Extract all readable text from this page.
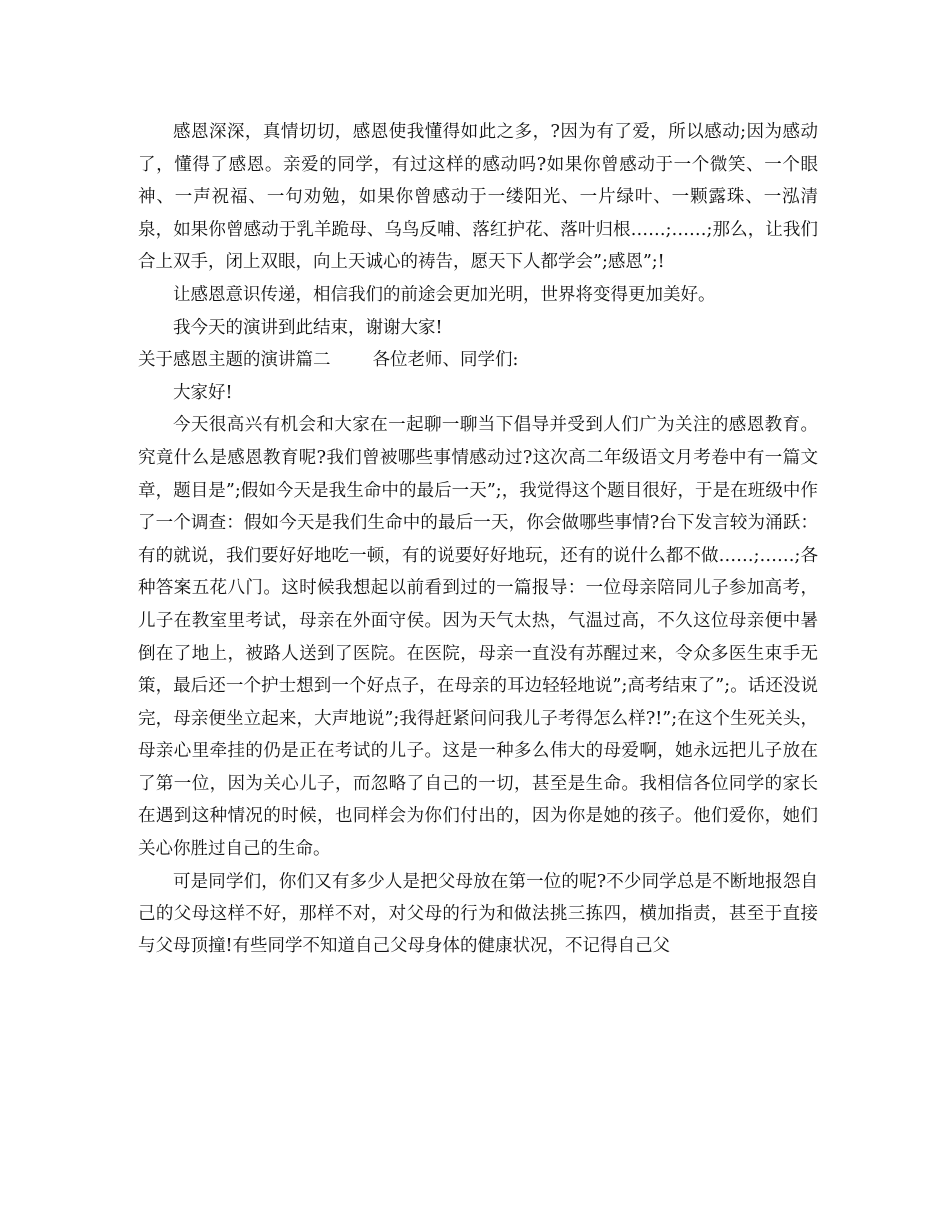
感恩深深，真情切切，感恩使我懂得如此之多，?因为有了爱，所以感动;因为感动了，懂得了感恩。亲爱的同学，有过这样的感动吗?如果你曾感动于一个微笑、一个眼神、一声祝福、一句劝勉，如果你曾感动于一缕阳光、一片绿叶、一颗露珠、一泓清泉，如果你曾感动于乳羊跪母、乌鸟反哺、落红护花、落叶归根……;……;那么，让我们合上双手，闭上双眼，向上天诚心的祷告，愿天下人都学会”;感恩”;!

让感恩意识传递，相信我们的前途会更加光明，世界将变得更加美好。

我今天的演讲到此结束，谢谢大家!

关于感恩主题的演讲篇二 各位老师、同学们:

大家好!

今天很高兴有机会和大家在一起聊一聊当下倡导并受到人们广为关注的感恩教育。究竟什么是感恩教育呢?我们曾被哪些事情感动过?这次高二年级语文月考卷中有一篇文章，题目是”;假如今天是我生命中的最后一天”;，我觉得这个题目很好，于是在班级中作了一个调查：假如今天是我们生命中的最后一天，你会做哪些事情?台下发言较为涌跃：有的就说，我们要好好地吃一顿，有的说要好好地玩，还有的说什么都不做……;……;各种答案五花八门。这时候我想起以前看到过的一篇报导：一位母亲陪同儿子参加高考，儿子在教室里考试，母亲在外面守侯。因为天气太热，气温过高，不久这位母亲便中暑倒在了地上，被路人送到了医院。在医院，母亲一直没有苏醒过来，令众多医生束手无策，最后还一个护士想到一个好点子，在母亲的耳边轻轻地说”;高考结束了”;。话还没说完，母亲便坐立起来，大声地说”;我得赶紧问问我儿子考得怎么样?!”;在这个生死关头，母亲心里牵挂的仍是正在考试的儿子。这是一种多么伟大的母爱啊，她永远把儿子放在了第一位，因为关心儿子，而忽略了自己的一切，甚至是生命。我相信各位同学的家长在遇到这种情况的时候，也同样会为你们付出的，因为你是她的孩子。他们爱你，她们关心你胜过自己的生命。

可是同学们，你们又有多少人是把父母放在第一位的呢?不少同学总是不断地报怨自己的父母这样不好，那样不对，对父母的行为和做法挑三拣四，横加指责，甚至于直接与父母顶撞!有些同学不知道自己父母身体的健康状况，不记得自己父
